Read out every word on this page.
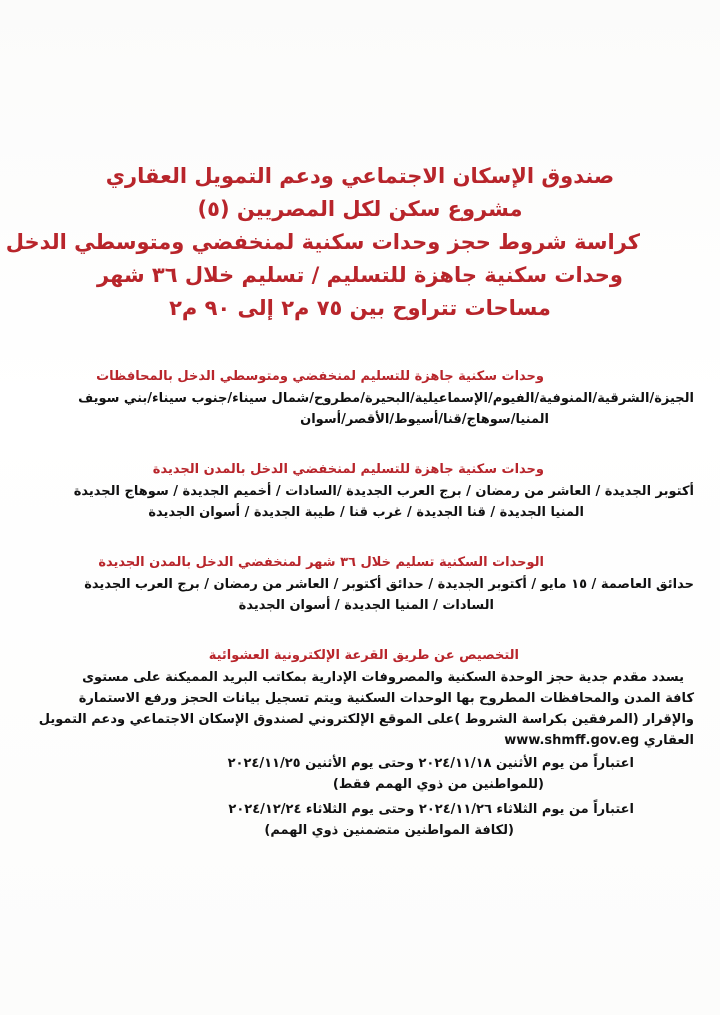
صندوق الإسكان الاجتماعي ودعم التمويل العقاري
مشروع سكن لكل المصريين (٥)
كراسة شروط حجز وحدات سكنية لمنخفضي ومتوسطي الدخل
وحدات سكنية جاهزة للتسليم / تسليم خلال ٣٦ شهر
مساحات تتراوح بين ٧٥ م٢ إلى ٩٠ م٢
وحدات سكنية جاهزة للتسليم لمنخفضي ومتوسطي الدخل بالمحافظات
الجيزة/الشرقية/المنوفية/الفيوم/الإسماعيلية/البحيرة/مطروح/شمال سيناء/جنوب سيناء/بني سويف
المنيا/سوهاج/قنا/أسيوط/الأقصر/أسوان
وحدات سكنية جاهزة للتسليم لمنخفضي الدخل بالمدن الجديدة
أكتوبر الجديدة / العاشر من رمضان / برج العرب الجديدة /السادات / أخميم الجديدة / سوهاج الجديدة
المنيا الجديدة / قنا الجديدة / غرب قنا / طيبة الجديدة / أسوان الجديدة
الوحدات السكنية تسليم خلال ٣٦ شهر لمنخفضي الدخل بالمدن الجديدة
حدائق العاصمة / ١٥ مايو / أكتوبر الجديدة / حدائق أكتوبر / العاشر من رمضان / برج العرب الجديدة
السادات / المنيا الجديدة / أسوان الجديدة
التخصيص عن طريق القرعة الإلكترونية العشوائية
يسدد مقدم جدية حجز الوحدة السكنية والمصروفات الإدارية بمكاتب البريد المميكنة على مستوى
كافة المدن والمحافظات المطروح بها الوحدات السكنية ويتم تسجيل بيانات الحجز ورفع الاستمارة
والإقرار (المرفقين بكراسة الشروط )على الموقع الإلكتروني لصندوق الإسكان الاجتماعي ودعم التمويل
العقاري www.shmff.gov.eg
اعتباراً من يوم الأثنين ٢٠٢٤/١١/١٨ وحتى يوم الأثنين ٢٠٢٤/١١/٢٥
(للمواطنين من ذوي الهمم فقط)
اعتباراً من يوم الثلاثاء ٢٠٢٤/١١/٢٦ وحتى يوم الثلاثاء ٢٠٢٤/١٢/٢٤
(لكافة المواطنين متضمنين ذوي الهمم)
